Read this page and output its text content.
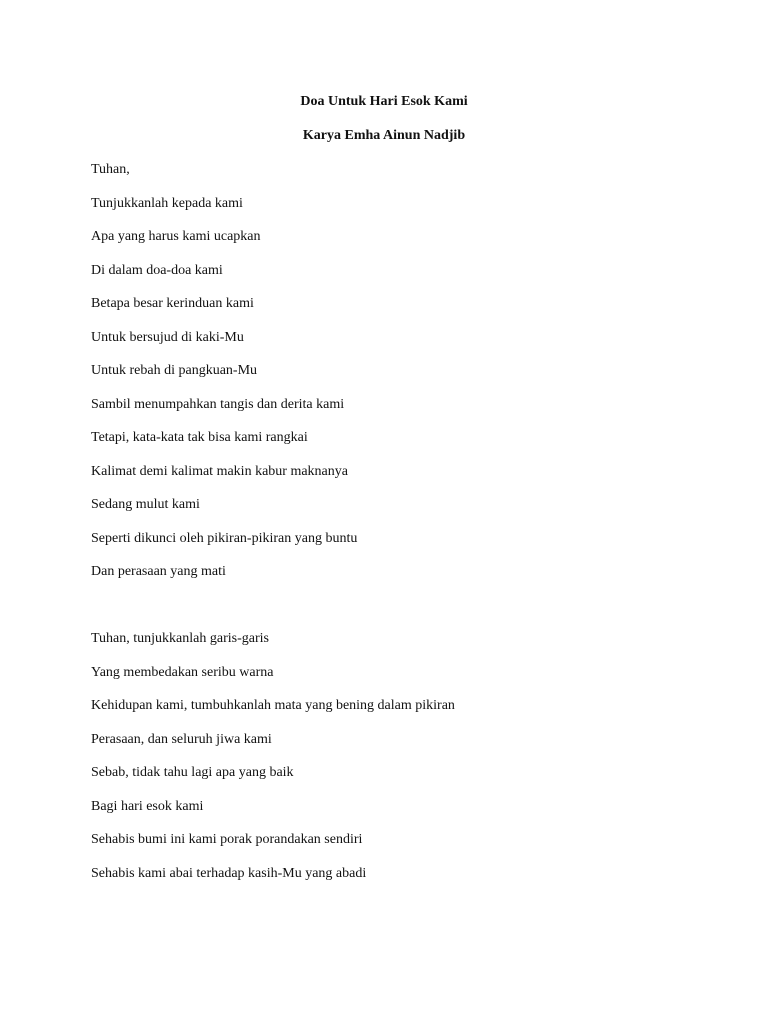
Doa Untuk Hari Esok Kami
Karya Emha Ainun Nadjib
Tuhan,
Tunjukkanlah kepada kami
Apa yang harus kami ucapkan
Di dalam doa-doa kami
Betapa besar kerinduan kami
Untuk bersujud di kaki-Mu
Untuk rebah di pangkuan-Mu
Sambil menumpahkan tangis dan derita kami
Tetapi, kata-kata tak bisa kami rangkai
Kalimat demi kalimat makin kabur maknanya
Sedang mulut kami
Seperti dikunci oleh pikiran-pikiran yang buntu
Dan perasaan yang mati
Tuhan, tunjukkanlah garis-garis
Yang membedakan seribu warna
Kehidupan kami, tumbuhkanlah mata yang bening dalam pikiran
Perasaan, dan seluruh jiwa kami
Sebab, tidak tahu lagi apa yang baik
Bagi hari esok kami
Sehabis bumi ini kami porak porandakan sendiri
Sehabis kami abai terhadap kasih-Mu yang abadi
